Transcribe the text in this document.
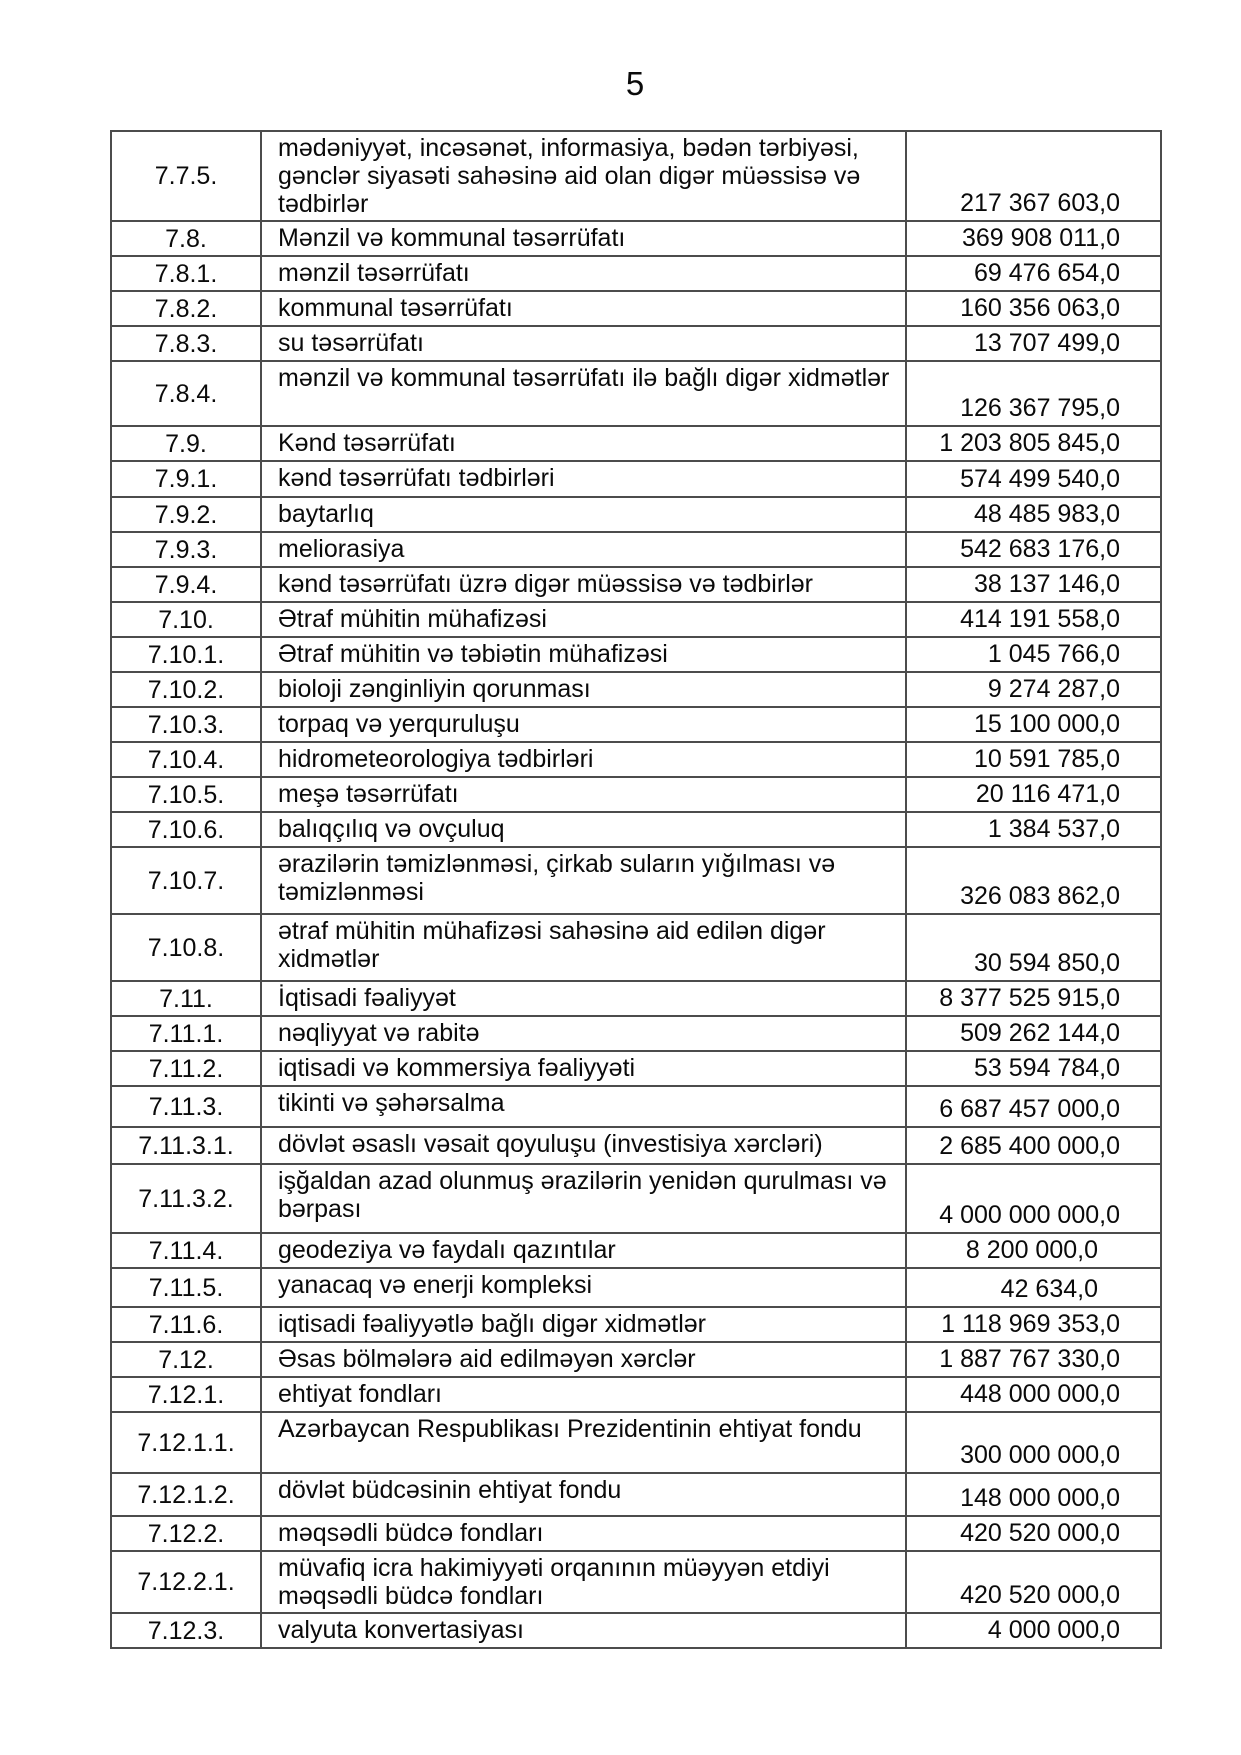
5
7.7.5.	mədəniyyət, incəsənət, informasiya, bədən tərbiyəsi, gənclər siyasəti sahəsinə aid olan digər müəssisə və tədbirlər	217 367 603,0
7.8.	Mənzil və kommunal təsərrüfatı	369 908 011,0
7.8.1.	mənzil təsərrüfatı	69 476 654,0
7.8.2.	kommunal təsərrüfatı	160 356 063,0
7.8.3.	su təsərrüfatı	13 707 499,0
7.8.4.	mənzil və kommunal təsərrüfatı ilə bağlı digər xidmətlər	126 367 795,0
7.9.	Kənd təsərrüfatı	1 203 805 845,0
7.9.1.	kənd təsərrüfatı tədbirləri	574 499 540,0
7.9.2.	baytarlıq	48 485 983,0
7.9.3.	meliorasiya	542 683 176,0
7.9.4.	kənd təsərrüfatı üzrə digər müəssisə və tədbirlər	38 137 146,0
7.10.	Ətraf mühitin mühafizəsi	414 191 558,0
7.10.1.	Ətraf mühitin və təbiətin mühafizəsi	1 045 766,0
7.10.2.	bioloji zənginliyin qorunması	9 274 287,0
7.10.3.	torpaq və yerquruluşu	15 100 000,0
7.10.4.	hidrometeorologiya tədbirləri	10 591 785,0
7.10.5.	meşə təsərrüfatı	20 116 471,0
7.10.6.	balıqçılıq və ovçuluq	1 384 537,0
7.10.7.	ərazilərin təmizlənməsi, çirkab suların yığılması və təmizlənməsi	326 083 862,0
7.10.8.	ətraf mühitin mühafizəsi sahəsinə aid edilən digər xidmətlər	30 594 850,0
7.11.	İqtisadi fəaliyyət	8 377 525 915,0
7.11.1.	nəqliyyat və rabitə	509 262 144,0
7.11.2.	iqtisadi və kommersiya fəaliyyəti	53 594 784,0
7.11.3.	tikinti və şəhərsalma	6 687 457 000,0
7.11.3.1.	dövlət əsaslı vəsait qoyuluşu (investisiya xərcləri)	2 685 400 000,0
7.11.3.2.	işğaldan azad olunmuş ərazilərin yenidən qurulması və bərpası	4 000 000 000,0
7.11.4.	geodeziya və faydalı qazıntılar	8 200 000,0
7.11.5.	yanacaq və enerji kompleksi	42 634,0
7.11.6.	iqtisadi fəaliyyətlə bağlı digər xidmətlər	1 118 969 353,0
7.12.	Əsas bölmələrə aid edilməyən xərclər	1 887 767 330,0
7.12.1.	ehtiyat fondları	448 000 000,0
7.12.1.1.	Azərbaycan Respublikası Prezidentinin ehtiyat fondu	300 000 000,0
7.12.1.2.	dövlət büdcəsinin ehtiyat fondu	148 000 000,0
7.12.2.	məqsədli büdcə fondları	420 520 000,0
7.12.2.1.	müvafiq icra hakimiyyəti orqanının müəyyən etdiyi məqsədli büdcə fondları	420 520 000,0
7.12.3.	valyuta konvertasiyası	4 000 000,0
